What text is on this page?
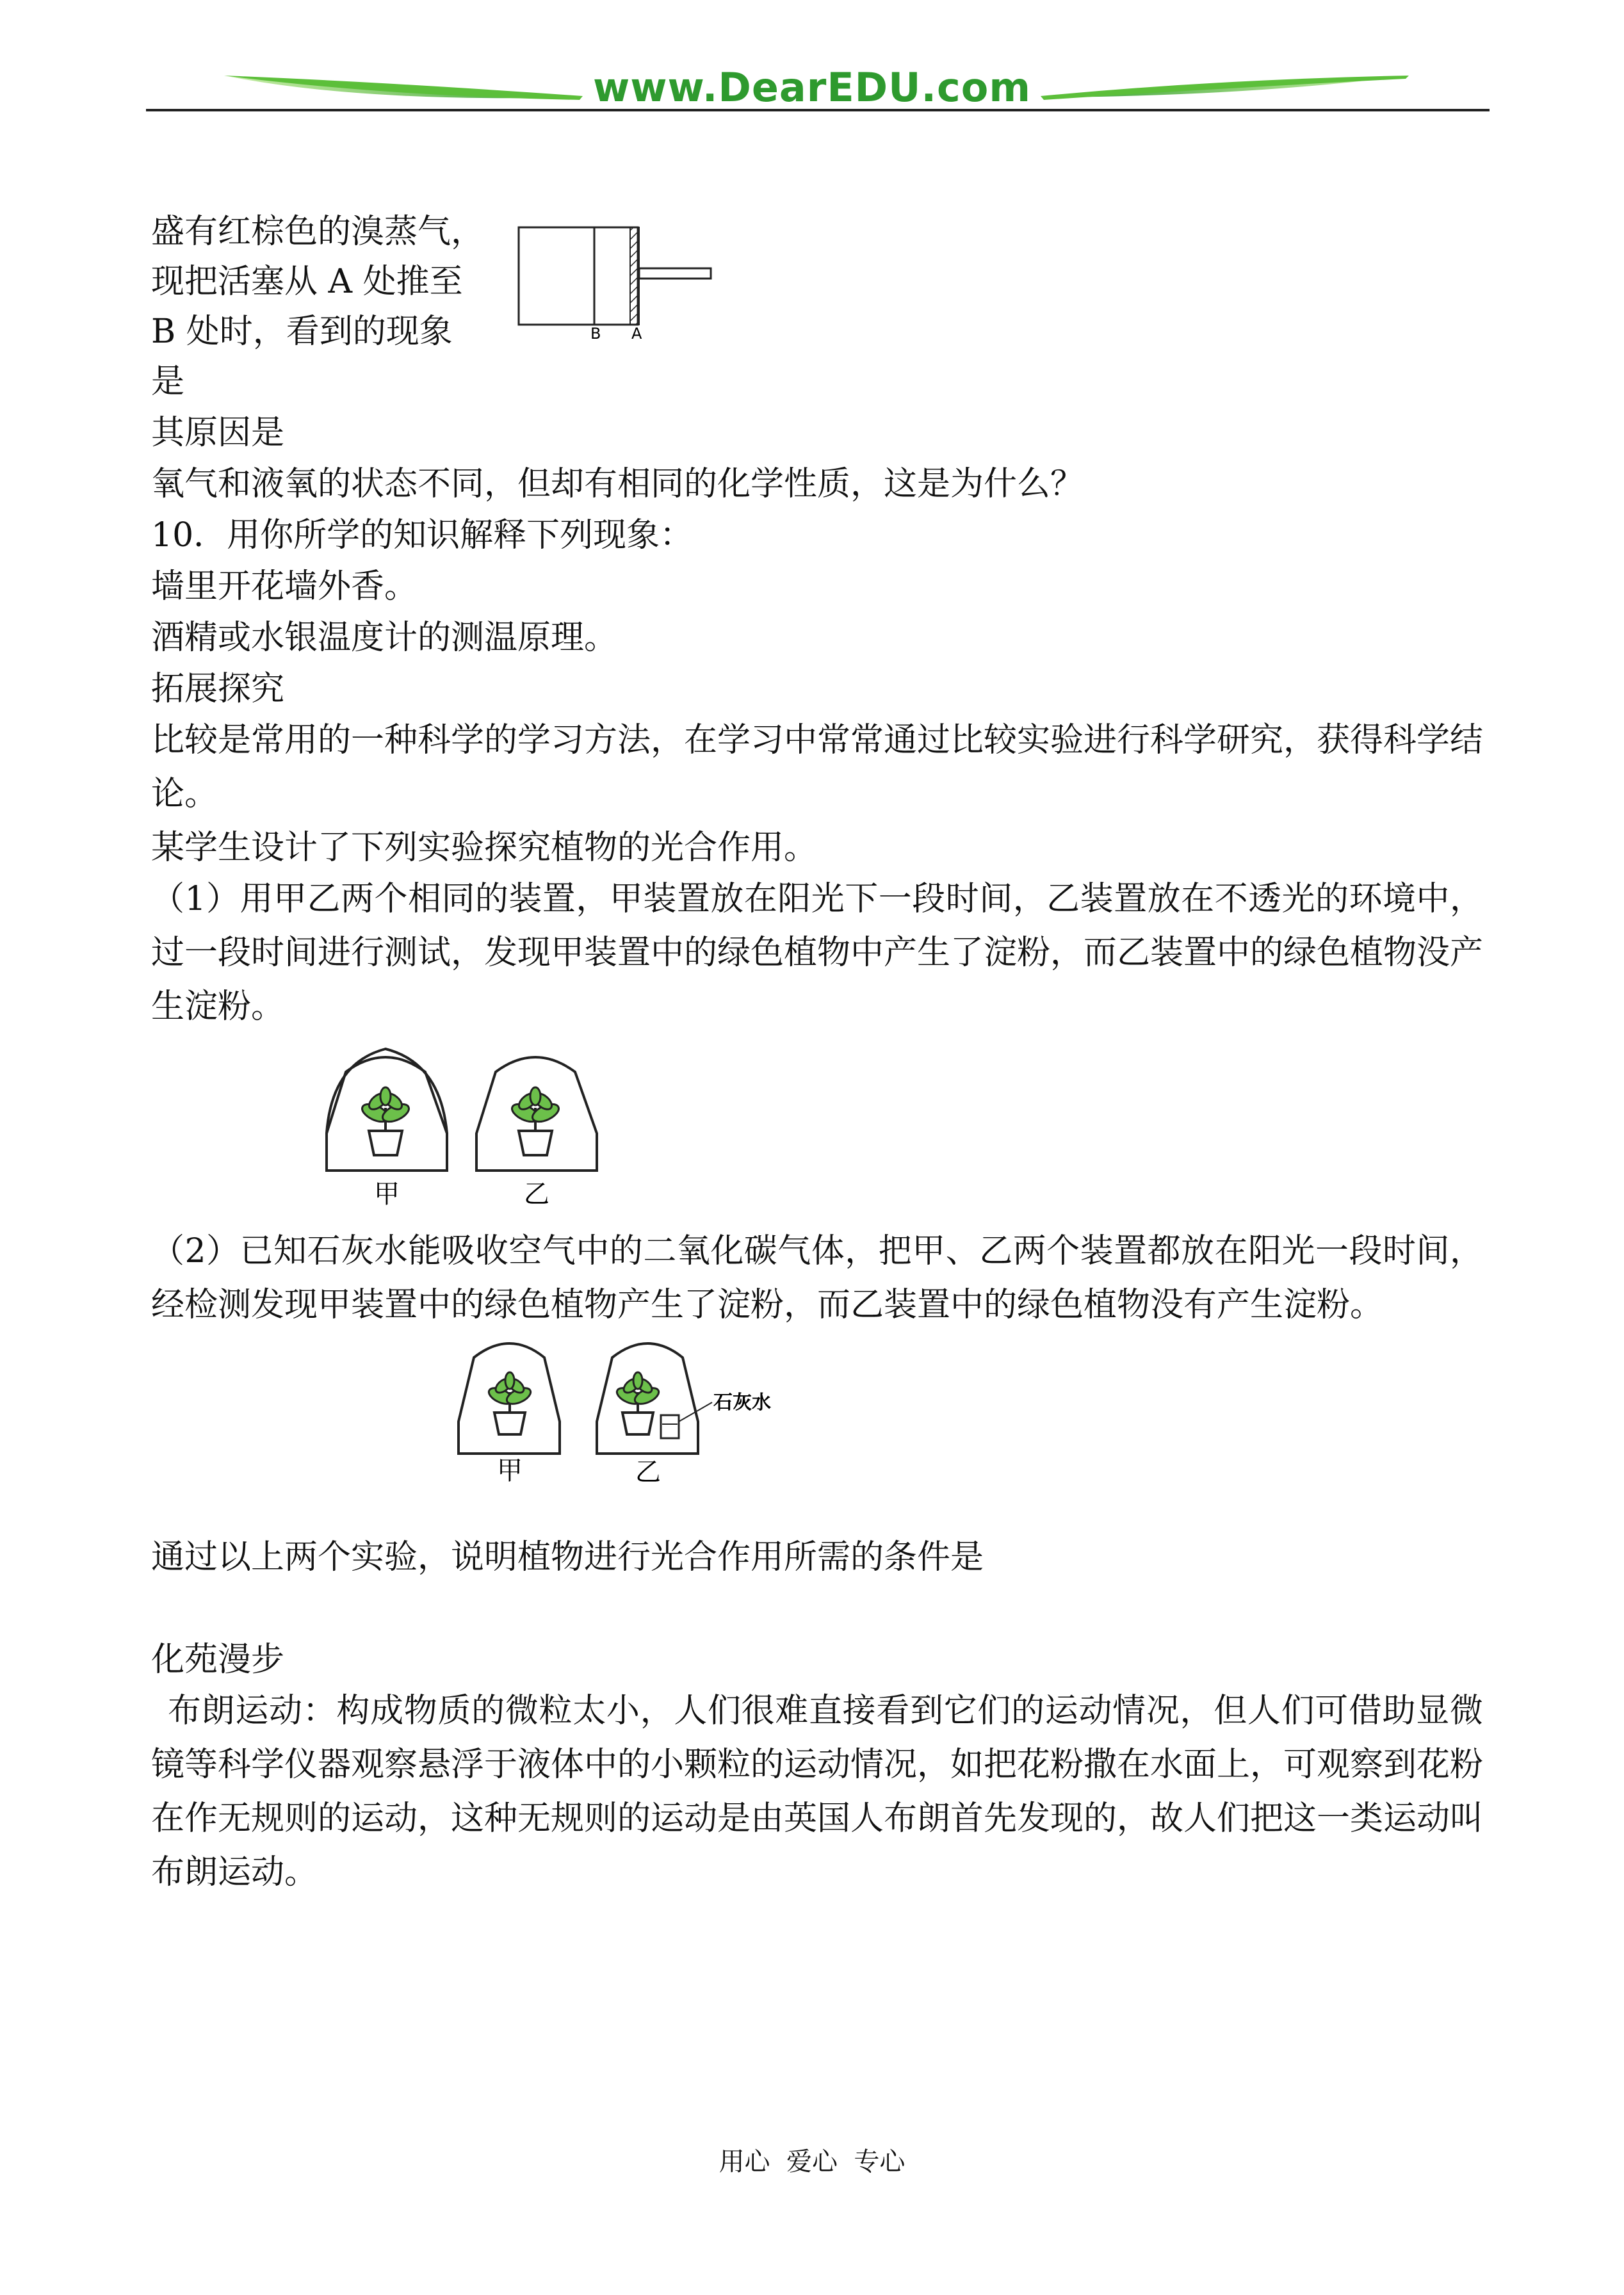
www.DearEDU.com
盛有红棕色的溴蒸气，
现把活塞从 A 处推至
B 处时，看到的现象
是
B A
其原因是
氧气和液氧的状态不同，但却有相同的化学性质，这是为什么？
10．用你所学的知识解释下列现象：
墙里开花墙外香。
酒精或水银温度计的测温原理。
拓展探究
比较是常用的一种科学的学习方法，在学习中常常通过比较实验进行科学研究，获得科学结论。
某学生设计了下列实验探究植物的光合作用。
（1）用甲乙两个相同的装置，甲装置放在阳光下一段时间，乙装置放在不透光的环境中，过一段时间进行测试，发现甲装置中的绿色植物中产生了淀粉，而乙装置中的绿色植物没产生淀粉。
甲	乙
（2）已知石灰水能吸收空气中的二氧化碳气体，把甲、乙两个装置都放在阳光一段时间，经检测发现甲装置中的绿色植物产生了淀粉，而乙装置中的绿色植物没有产生淀粉。
石灰水
甲	乙
通过以上两个实验，说明植物进行光合作用所需的条件是
化苑漫步
布朗运动：构成物质的微粒太小，人们很难直接看到它们的运动情况，但人们可借助显微镜等科学仪器观察悬浮于液体中的小颗粒的运动情况，如把花粉撒在水面上，可观察到花粉在作无规则的运动，这种无规则的运动是由英国人布朗首先发现的，故人们把这一类运动叫布朗运动。
用心  爱心  专心
